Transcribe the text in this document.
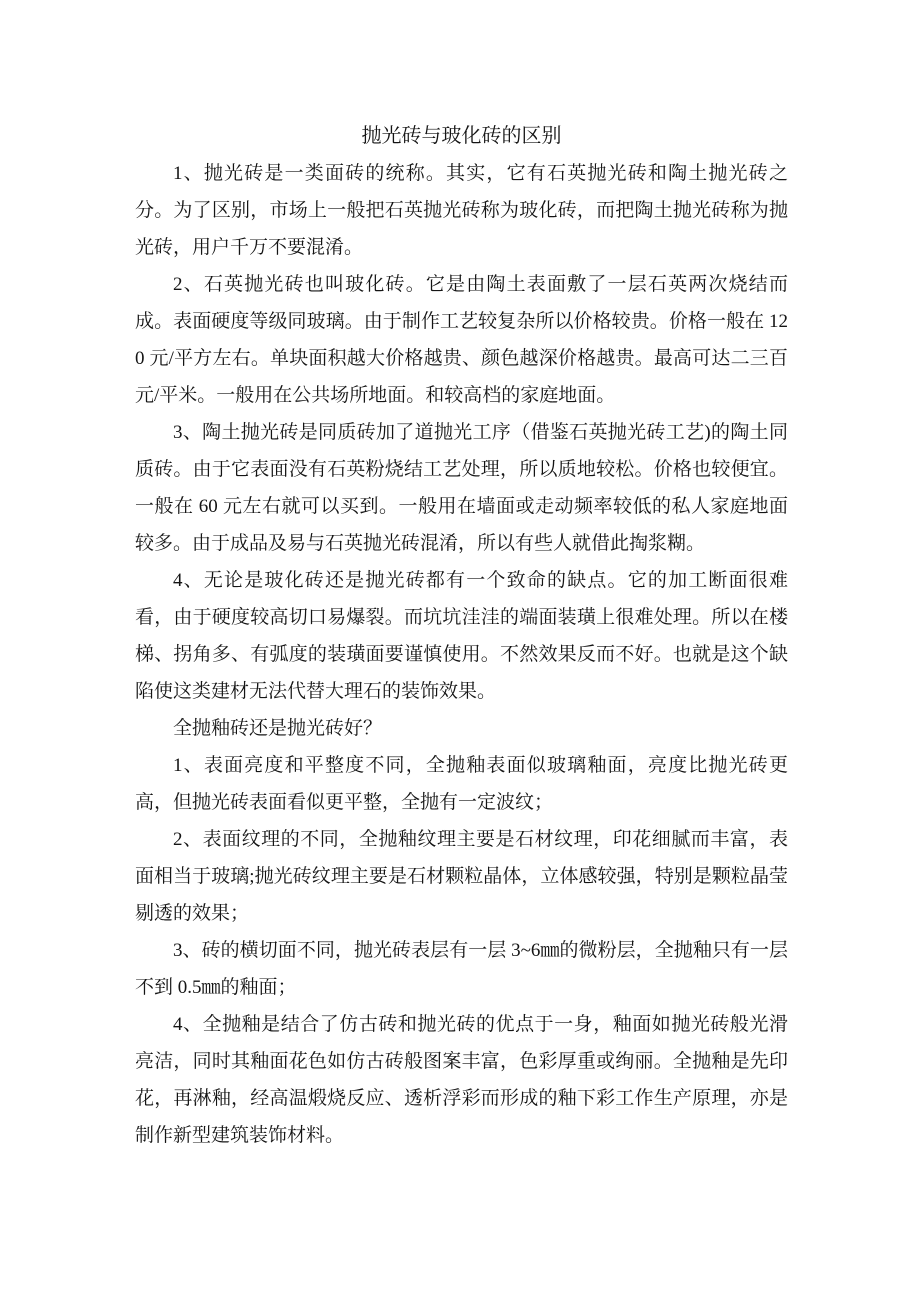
抛光砖与玻化砖的区别

1、抛光砖是一类面砖的统称。其实，它有石英抛光砖和陶土抛光砖之分。为了区别，市场上一般把石英抛光砖称为玻化砖，而把陶土抛光砖称为抛光砖，用户千万不要混淆。

2、石英抛光砖也叫玻化砖。它是由陶土表面敷了一层石英两次烧结而成。表面硬度等级同玻璃。由于制作工艺较复杂所以价格较贵。价格一般在 120 元/平方左右。单块面积越大价格越贵、颜色越深价格越贵。最高可达二三百元/平米。一般用在公共场所地面。和较高档的家庭地面。

3、陶土抛光砖是同质砖加了道抛光工序（借鉴石英抛光砖工艺)的陶土同质砖。由于它表面没有石英粉烧结工艺处理，所以质地较松。价格也较便宜。一般在 60 元左右就可以买到。一般用在墙面或走动频率较低的私人家庭地面较多。由于成品及易与石英抛光砖混淆，所以有些人就借此掏浆糊。

4、无论是玻化砖还是抛光砖都有一个致命的缺点。它的加工断面很难看，由于硬度较高切口易爆裂。而坑坑洼洼的端面装璜上很难处理。所以在楼梯、拐角多、有弧度的装璜面要谨慎使用。不然效果反而不好。也就是这个缺陷使这类建材无法代替大理石的装饰效果。

全抛釉砖还是抛光砖好？

1、表面亮度和平整度不同，全抛釉表面似玻璃釉面，亮度比抛光砖更高，但抛光砖表面看似更平整，全抛有一定波纹；

2、表面纹理的不同，全抛釉纹理主要是石材纹理，印花细腻而丰富，表面相当于玻璃;抛光砖纹理主要是石材颗粒晶体，立体感较强，特别是颗粒晶莹剔透的效果；

3、砖的横切面不同，抛光砖表层有一层 3~6㎜的微粉层，全抛釉只有一层不到 0.5㎜的釉面；

4、全抛釉是结合了仿古砖和抛光砖的优点于一身，釉面如抛光砖般光滑亮洁，同时其釉面花色如仿古砖般图案丰富，色彩厚重或绚丽。全抛釉是先印花，再淋釉，经高温煅烧反应、透析浮彩而形成的釉下彩工作生产原理，亦是制作新型建筑装饰材料。
